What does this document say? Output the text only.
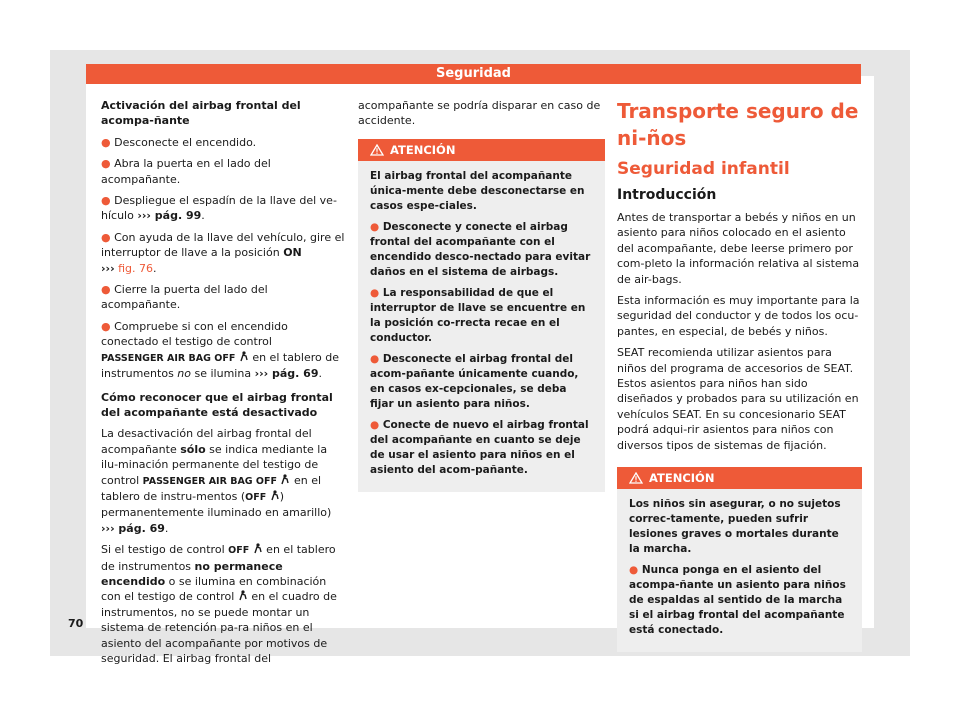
Seguridad

Activación del airbag frontal del acompa-ñante

● Desconecte el encendido.

● Abra la puerta en el lado del acompañante.

● Despliegue el espadín de la llave del ve-hículo ››› pág. 99.

● Con ayuda de la llave del vehículo, gire el interruptor de llave a la posición ON
››› fig. 76.

● Cierre la puerta del lado del acompañante.

● Compruebe si con el encendido conectado el testigo de control PASSENGER AIR BAG OFF  en el tablero de instrumentos no se ilumina ››› pág. 69.

Cómo reconocer que el airbag frontal del acompañante está desactivado

La desactivación del airbag frontal del acompañante sólo se indica mediante la ilu-minación permanente del testigo de control PASSENGER AIR BAG OFF  en el tablero de instru-mentos (OFF ) permanentemente iluminado en amarillo) ››› pág. 69.

Si el testigo de control OFF  en el tablero de instrumentos no permanece encendido o se ilumina en combinación con el testigo de control  en el cuadro de instrumentos, no se puede montar un sistema de retención pa-ra niños en el asiento del acompañante por motivos de seguridad. El airbag frontal del

acompañante se podría disparar en caso de accidente.

ATENCIÓN

El airbag frontal del acompañante única-mente debe desconectarse en casos espe-ciales.

● Desconecte y conecte el airbag frontal del acompañante con el encendido desco-nectado para evitar daños en el sistema de airbags.

● La responsabilidad de que el interruptor de llave se encuentre en la posición co-rrecta recae en el conductor.

● Desconecte el airbag frontal del acom-pañante únicamente cuando, en casos ex-cepcionales, se deba fijar un asiento para niños.

● Conecte de nuevo el airbag frontal del acompañante en cuanto se deje de usar el asiento para niños en el asiento del acom-pañante.

Transporte seguro de ni-ños

Seguridad infantil

Introducción

Antes de transportar a bebés y niños en un asiento para niños colocado en el asiento del acompañante, debe leerse primero por com-pleto la información relativa al sistema de air-bags.

Esta información es muy importante para la seguridad del conductor y de todos los ocu-pantes, en especial, de bebés y niños.

SEAT recomienda utilizar asientos para niños del programa de accesorios de SEAT. Estos asientos para niños han sido diseñados y probados para su utilización en vehículos SEAT. En su concesionario SEAT podrá adqui-rir asientos para niños con diversos tipos de sistemas de fijación.

ATENCIÓN

Los niños sin asegurar, o no sujetos correc-tamente, pueden sufrir lesiones graves o mortales durante la marcha.

● Nunca ponga en el asiento del acompa-ñante un asiento para niños de espaldas al sentido de la marcha si el airbag frontal del acompañante está conectado.

70
